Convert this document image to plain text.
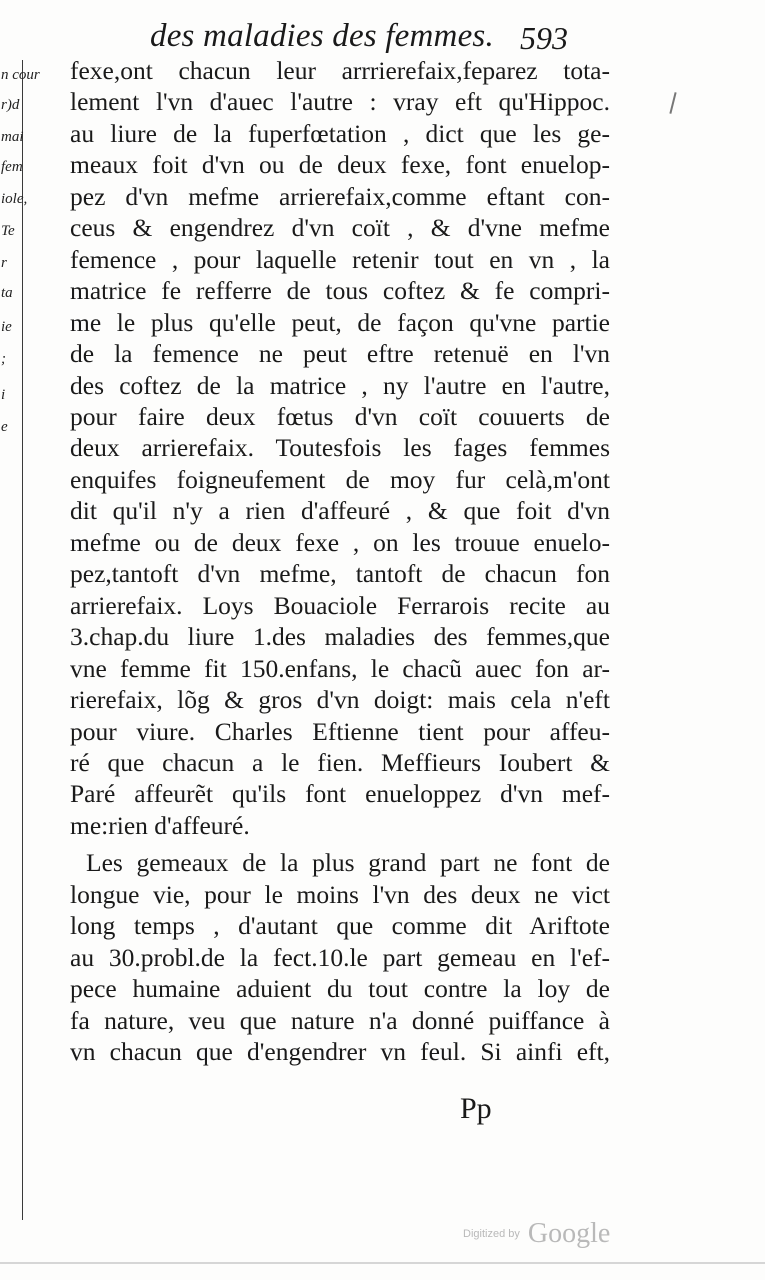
n cour
r)d
mai
fem
iole,
Te
r
ta
ie
;
i
e
des maladies des femmes. 593
fexe,ont chacun leur arrrierefaix,feparez tota-
lement l'vn d'auec l'autre : vray eft qu'Hippoc.
au liure de la fuperfœtation , dict que les ge-
meaux foit d'vn ou de deux fexe, font enuelop-
pez d'vn mefme arrierefaix,comme eftant con-
ceus & engendrez d'vn coït , & d'vne mefme
femence , pour laquelle retenir tout en vn , la
matrice fe refferre de tous coftez & fe compri-
me le plus qu'elle peut, de façon qu'vne partie
de la femence ne peut eftre retenuë en l'vn
des coftez de la matrice , ny l'autre en l'autre,
pour faire deux fœtus d'vn coït couuerts de
deux arrierefaix. Toutesfois les fages femmes
enquifes foigneufement de moy fur celà,m'ont
dit qu'il n'y a rien d'affeuré , & que foit d'vn
mefme ou de deux fexe , on les trouue enuelo-
pez,tantoft d'vn mefme, tantoft de chacun fon
arrierefaix. Loys Bouaciole Ferrarois recite au
3.chap.du liure 1.des maladies des femmes,que
vne femme fit 150.enfans, le chacũ auec fon ar-
rierefaix, lõg & gros d'vn doigt: mais cela n'eft
pour viure. Charles Eftienne tient pour affeu-
ré que chacun a le fien. Meffieurs Ioubert &
Paré affeurẽt qu'ils font enueloppez d'vn mef-
me:rien d'affeuré.
Les gemeaux de la plus grand part ne font de
longue vie, pour le moins l'vn des deux ne vict
long temps , d'autant que comme dit Ariftote
au 30.probl.de la fect.10.le part gemeau en l'ef-
pece humaine aduient du tout contre la loy de
fa nature, veu que nature n'a donné puiffance à
vn chacun que d'engendrer vn feul. Si ainfi eft,
Pp
Digitized by Google
